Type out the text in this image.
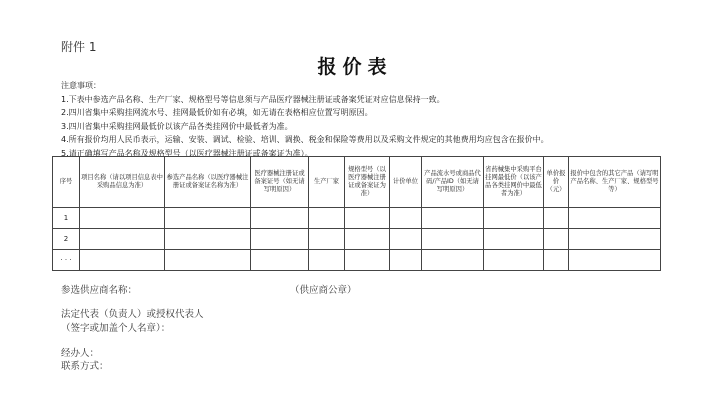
附件 1
报价表
注意事项：
1.下表中参选产品名称、生产厂家、规格型号等信息须与产品医疗器械注册证或备案凭证对应信息保持一致。
2.四川省集中采购挂网流水号、挂网最低价如有必填，如无请在表格相应位置写明原因。
3.四川省集中采购挂网最低价以该产品各类挂网价中最低者为准。
4.所有报价均用人民币表示，运输、安装、调试、检验、培训、调换、税金和保险等费用以及采购文件规定的其他费用均应包含在报价中。
5.请正确填写产品名称及规格型号（以医疗器械注册证或备案证为准）。
序号	项目名称（请以项目信息表中采购品信息为准）	参选产品名称（以医疗器械注册证或备案证名称为准）	医疗器械注册证或备案证号（如无请写明原因）	生产厂家	规格型号（以医疗器械注册证或备案证为准）	计价单位	产品流水号或商品代码/产品ID（如无请写明原因）	省药械集中采购平台挂网最低价（以该产品各类挂网价中最低者为准）	单价报价（元）	报价中包含的其它产品（请写明产品名称、生产厂家、规格型号等）
1										
2										
· · ·										
参选供应商名称：	（供应商公章）
法定代表（负责人）或授权代表人
（签字或加盖个人名章）：
经办人：
联系方式：
